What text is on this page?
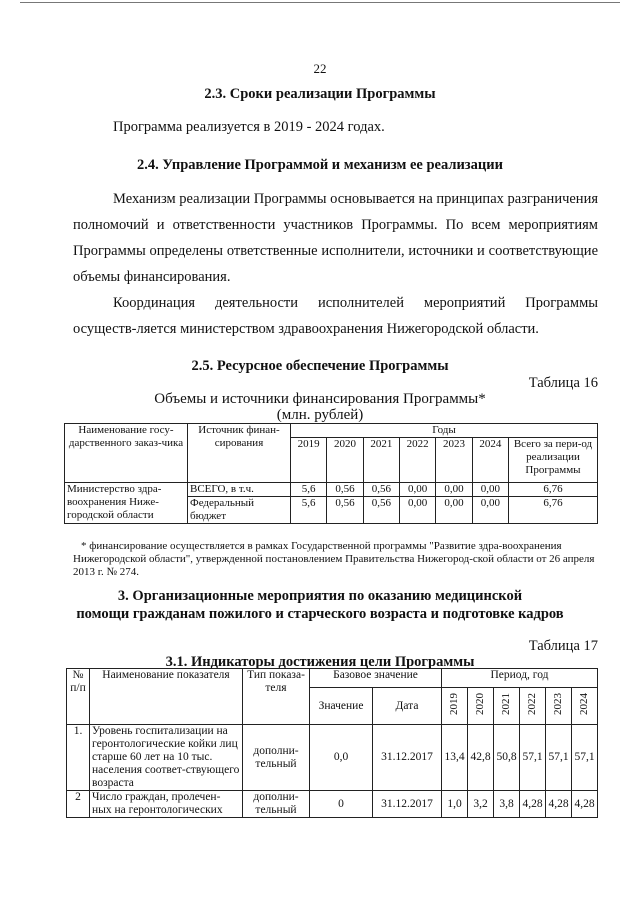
22
2.3. Сроки реализации Программы
Программа реализуется в 2019 - 2024 годах.
2.4. Управление Программой и механизм ее реализации
Механизм реализации Программы основывается на принципах разграничения полномочий и ответственности участников Программы. По всем мероприятиям Программы определены ответственные исполнители, источники и соответствующие объемы финансирования.
Координация деятельности исполнителей мероприятий Программы осуществ-ляется министерством здравоохранения Нижегородской области.
2.5. Ресурсное обеспечение Программы
Таблица 16
Объемы и источники финансирования Программы*
(млн. рублей)
Наименование госу-дарственного заказ-чика	Источник финан-сирования	Годы						
		2019	2020	2021	2022	2023	2024	Всего за пери-од реализации Программы
Министерство здра-воохранения Ниже-городской области	ВСЕГО, в т.ч.	5,6	0,56	0,56	0,00	0,00	0,00	6,76
	Федеральный бюджет	5,6	0,56	0,56	0,00	0,00	0,00	6,76
* финансирование осуществляется в рамках Государственной программы "Развитие здра-воохранения Нижегородской области", утвержденной постановлением Правительства Нижегород-ской области от 26 апреля 2013 г. № 274.
3. Организационные мероприятия по оказанию медицинской
помощи гражданам пожилого и старческого возраста и подготовке кадров
Таблица 17
3.1. Индикаторы достижения цели Программы
№ п/п	Наименование показателя	Тип показа-теля	Базовое значение		Период, год					
			Значение	Дата	2019	2020	2021	2022	2023	2024
1.	Уровень госпитализации на геронтологические койки лиц старше 60 лет на 10 тыс. населения соответ-ствующего возраста	дополни-тельный	0,0	31.12.2017	13,4	42,8	50,8	57,1	57,1	57,1
2	Число граждан, пролечен-ных на геронтологических	дополни-тельный	0	31.12.2017	1,0	3,2	3,8	4,28	4,28	4,28
